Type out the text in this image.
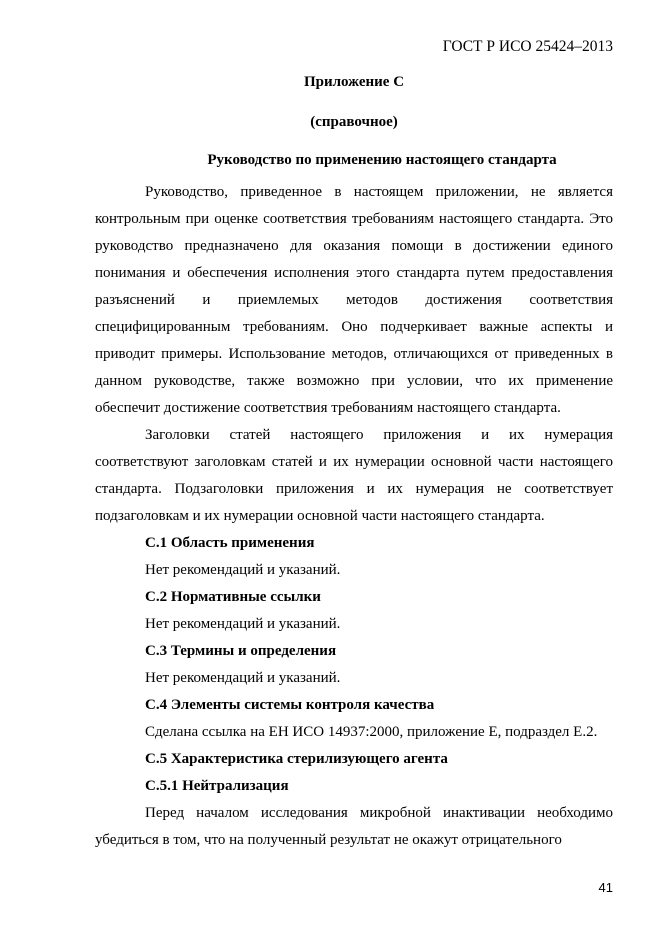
ГОСТ Р ИСО 25424–2013

Приложение С

(справочное)

Руководство по применению настоящего стандарта

Руководство, приведенное в настоящем приложении, не является контрольным при оценке соответствия требованиям настоящего стандарта. Это руководство предназначено для оказания помощи в достижении единого понимания и обеспечения исполнения этого стандарта путем предоставления разъяснений и приемлемых методов достижения соответствия специфицированным требованиям. Оно подчеркивает важные аспекты и приводит примеры. Использование методов, отличающихся от приведенных в данном руководстве, также возможно при условии, что их применение обеспечит достижение соответствия требованиям настоящего стандарта.

Заголовки статей настоящего приложения и их нумерация соответствуют заголовкам статей и их нумерации основной части настоящего стандарта. Подзаголовки приложения и их нумерация не соответствует подзаголовкам и их нумерации основной части настоящего стандарта.

С.1 Область применения

Нет рекомендаций и указаний.

С.2 Нормативные ссылки

Нет рекомендаций и указаний.

С.3 Термины и определения

Нет рекомендаций и указаний.

С.4 Элементы системы контроля качества

Сделана ссылка на ЕН ИСО 14937:2000, приложение Е, подраздел Е.2.

С.5 Характеристика стерилизующего агента

С.5.1 Нейтрализация

Перед началом исследования микробной инактивации необходимо убедиться в том, что на полученный результат не окажут отрицательного

41
